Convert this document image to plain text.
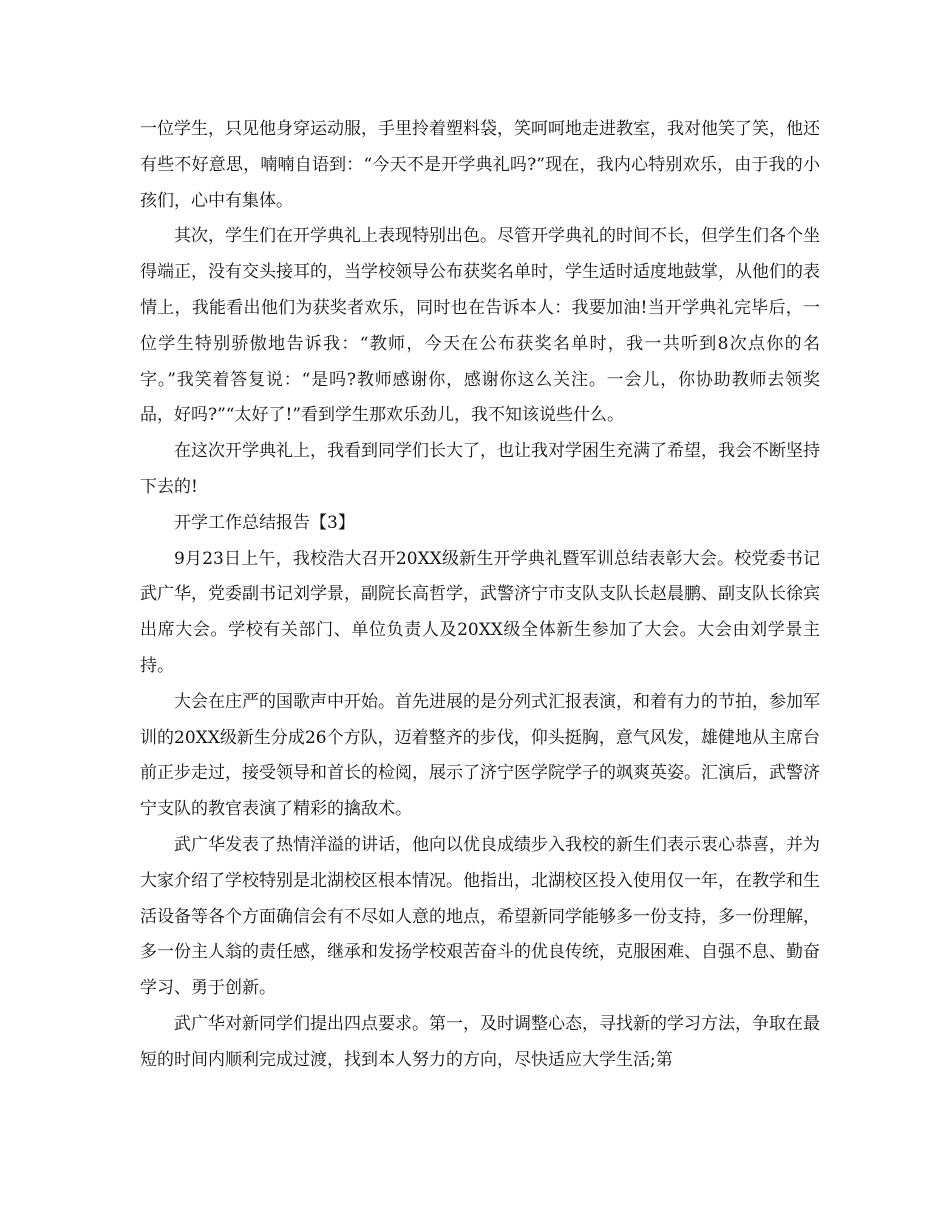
一位学生，只见他身穿运动服，手里拎着塑料袋，笑呵呵地走进教室，我对他笑了笑，他还有些不好意思，喃喃自语到：“今天不是开学典礼吗?”现在，我内心特别欢乐，由于我的小孩们，心中有集体。

其次，学生们在开学典礼上表现特别出色。尽管开学典礼的时间不长，但学生们各个坐得端正，没有交头接耳的，当学校领导公布获奖名单时，学生适时适度地鼓掌，从他们的表情上，我能看出他们为获奖者欢乐，同时也在告诉本人：我要加油!当开学典礼完毕后，一位学生特别骄傲地告诉我：“教师，今天在公布获奖名单时，我一共听到8次点你的名字。”我笑着答复说：“是吗?教师感谢你，感谢你这么关注。一会儿，你协助教师去领奖品，好吗?”“太好了!”看到学生那欢乐劲儿，我不知该说些什么。

在这次开学典礼上，我看到同学们长大了，也让我对学困生充满了希望，我会不断坚持下去的!

开学工作总结报告【3】

9月23日上午，我校浩大召开20XX级新生开学典礼暨军训总结表彰大会。校党委书记武广华，党委副书记刘学景，副院长高哲学，武警济宁市支队支队长赵晨鹏、副支队长徐宾出席大会。学校有关部门、单位负责人及20XX级全体新生参加了大会。大会由刘学景主持。

大会在庄严的国歌声中开始。首先进展的是分列式汇报表演，和着有力的节拍，参加军训的20XX级新生分成26个方队，迈着整齐的步伐，仰头挺胸，意气风发，雄健地从主席台前正步走过，接受领导和首长的检阅，展示了济宁医学院学子的飒爽英姿。汇演后，武警济宁支队的教官表演了精彩的擒敌术。

武广华发表了热情洋溢的讲话，他向以优良成绩步入我校的新生们表示衷心恭喜，并为大家介绍了学校特别是北湖校区根本情况。他指出，北湖校区投入使用仅一年，在教学和生活设备等各个方面确信会有不尽如人意的地点，希望新同学能够多一份支持，多一份理解，多一份主人翁的责任感，继承和发扬学校艰苦奋斗的优良传统，克服困难、自强不息、勤奋学习、勇于创新。

武广华对新同学们提出四点要求。第一，及时调整心态，寻找新的学习方法，争取在最短的时间内顺利完成过渡，找到本人努力的方向，尽快适应大学生活;第
